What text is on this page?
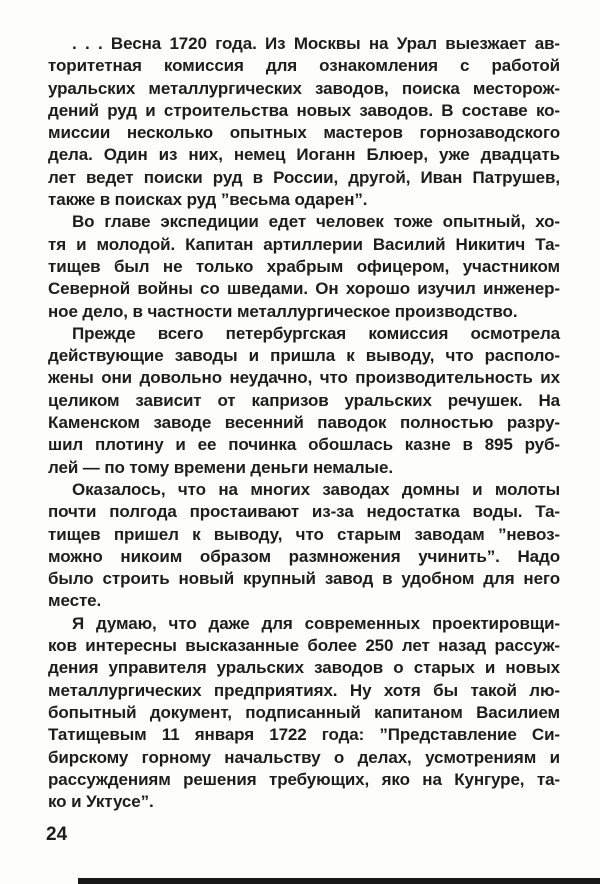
. . . Весна 1720 года. Из Москвы на Урал выезжает ав-
торитетная комиссия для ознакомления с работой
уральских металлургических заводов, поиска месторож-
дений руд и строительства новых заводов. В составе ко-
миссии несколько опытных мастеров горнозаводского
дела. Один из них, немец Иоганн Блюер, уже двадцать
лет ведет поиски руд в России, другой, Иван Патрушев,
также в поисках руд ”весьма одарен”.
Во главе экспедиции едет человек тоже опытный, хо-
тя и молодой. Капитан артиллерии Василий Никитич Та-
тищев был не только храбрым офицером, участником
Северной войны со шведами. Он хорошо изучил инженер-
ное дело, в частности металлургическое производство.
Прежде всего петербургская комиссия осмотрела
действующие заводы и пришла к выводу, что располо-
жены они довольно неудачно, что производительность их
целиком зависит от капризов уральских речушек. На
Каменском заводе весенний паводок полностью разру-
шил плотину и ее починка обошлась казне в 895 руб-
лей — по тому времени деньги немалые.
Оказалось, что на многих заводах домны и молоты
почти полгода простаивают из-за недостатка воды. Та-
тищев пришел к выводу, что старым заводам ”невоз-
можно никоим образом размножения учинить”. Надо
было строить новый крупный завод в удобном для него
месте.
Я думаю, что даже для современных проектировщи-
ков интересны высказанные более 250 лет назад рассуж-
дения управителя уральских заводов о старых и новых
металлургических предприятиях. Ну хотя бы такой лю-
бопытный документ, подписанный капитаном Василием
Татищевым 11 января 1722 года: ”Представление Си-
бирскому горному начальству о делах, усмотрениям и
рассуждениям решения требующих, яко на Кунгуре, та-
ко и Уктусе”.
24
